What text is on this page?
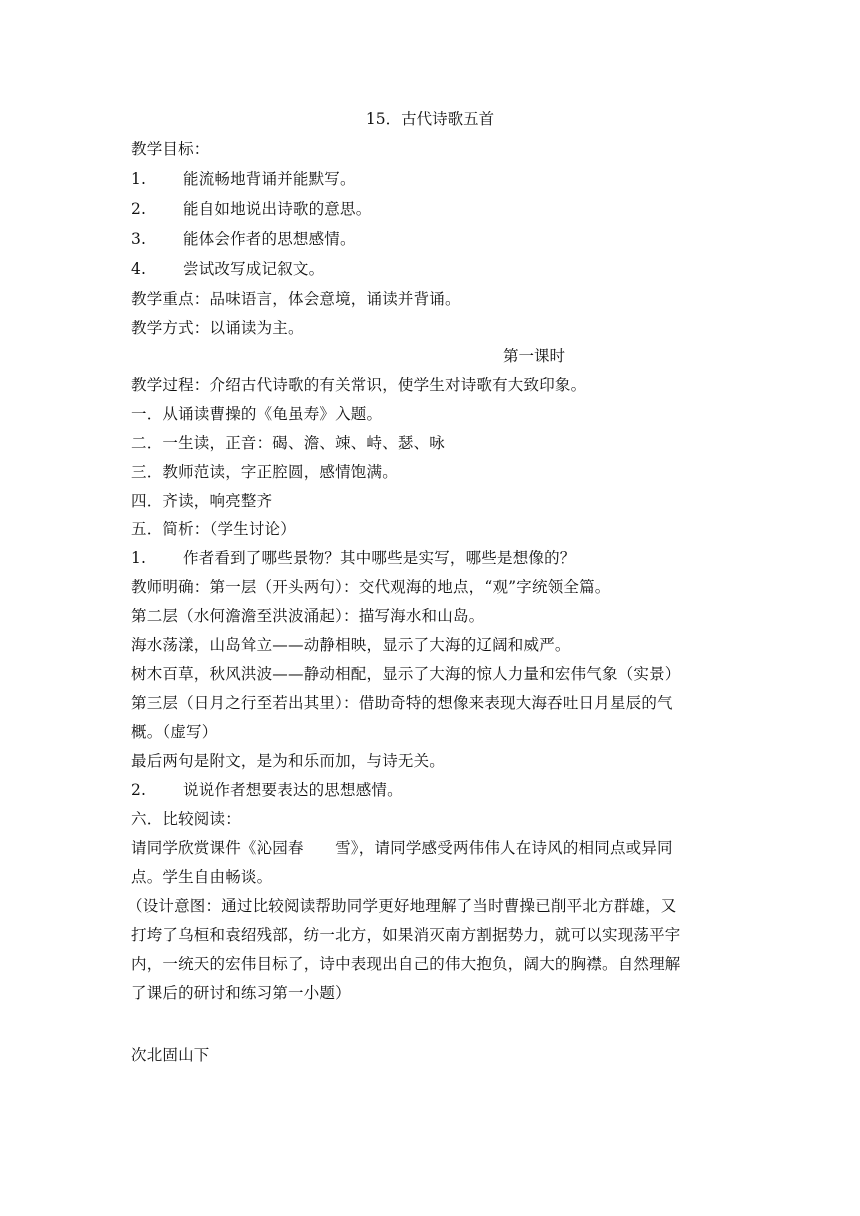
15．古代诗歌五首
教学目标：
1. 能流畅地背诵并能默写。
2. 能自如地说出诗歌的意思。
3. 能体会作者的思想感情。
4. 尝试改写成记叙文。
教学重点：品味语言，体会意境，诵读并背诵。
教学方式：以诵读为主。
第一课时
教学过程：介绍古代诗歌的有关常识，使学生对诗歌有大致印象。
一．从诵读曹操的《龟虽寿》入题。
二．一生读，正音：碣、澹、竦、峙、瑟、咏
三．教师范读，字正腔圆，感情饱满。
四．齐读，响亮整齐
五．简析：（学生讨论）
1. 作者看到了哪些景物？其中哪些是实写，哪些是想像的？
教师明确：第一层（开头两句）：交代观海的地点，“观”字统领全篇。
第二层（水何澹澹至洪波涌起）：描写海水和山岛。
海水荡漾，山岛耸立——动静相映，显示了大海的辽阔和威严。
树木百草，秋风洪波——静动相配，显示了大海的惊人力量和宏伟气象（实景）
第三层（日月之行至若出其里）：借助奇特的想像来表现大海吞吐日月星辰的气
概。（虚写）
最后两句是附文，是为和乐而加，与诗无关。
2. 说说作者想要表达的思想感情。
六．比较阅读：
请同学欣赏课件《沁园春　　雪》，请同学感受两伟伟人在诗风的相同点或异同
点。学生自由畅谈。
（设计意图：通过比较阅读帮助同学更好地理解了当时曹操已削平北方群雄，又
打垮了乌桓和袁绍残部，纺一北方，如果消灭南方割据势力，就可以实现荡平宇
内，一统天的宏伟目标了，诗中表现出自己的伟大抱负，阔大的胸襟。自然理解
了课后的研讨和练习第一小题）
次北固山下
